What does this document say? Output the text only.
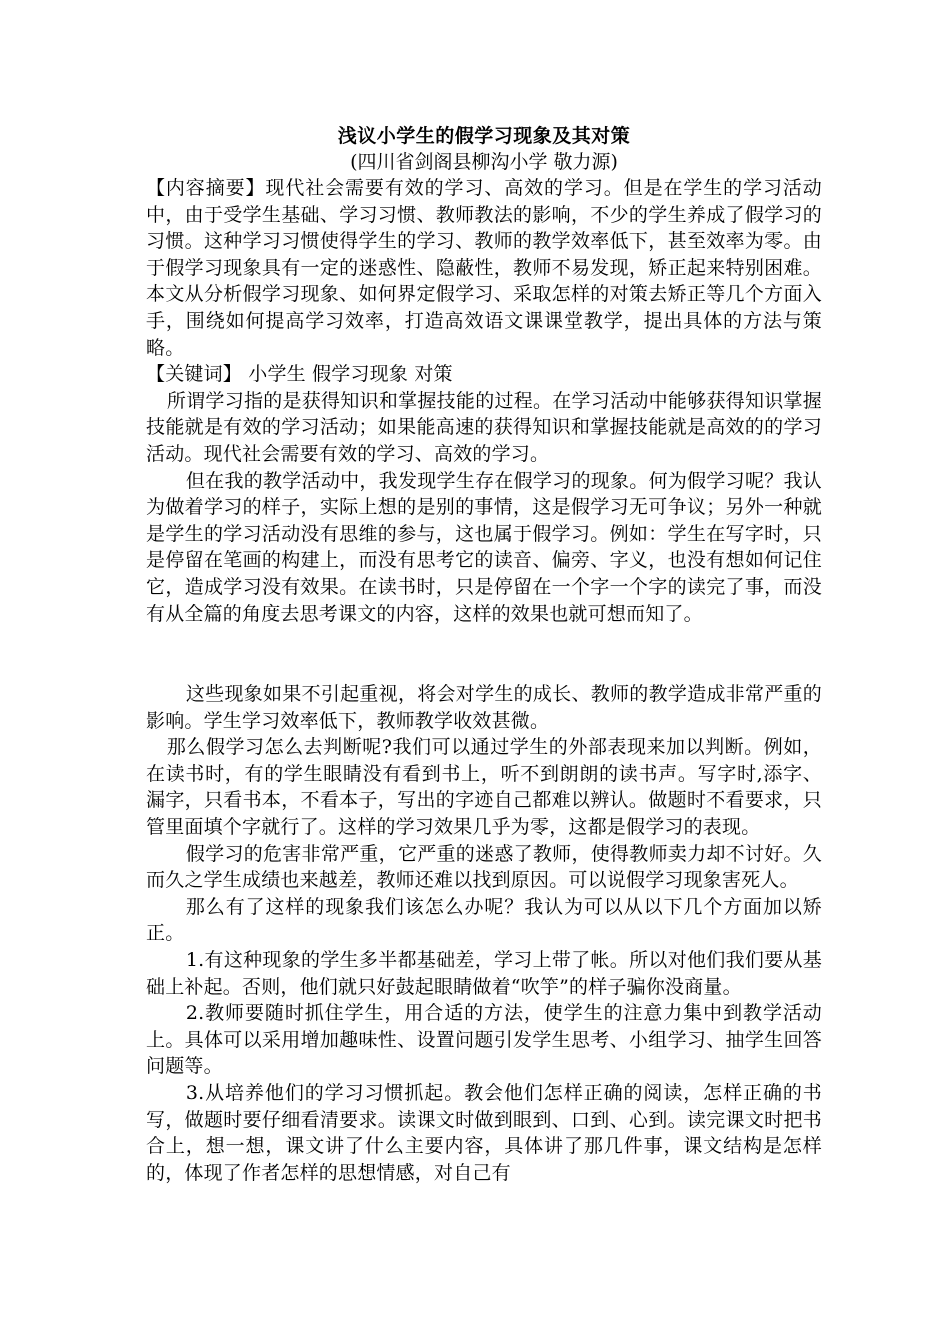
浅议小学生的假学习现象及其对策
(四川省剑阁县柳沟小学 敬力源)

【内容摘要】现代社会需要有效的学习、高效的学习。但是在学生的学习活动中，由于受学生基础、学习习惯、教师教法的影响，不少的学生养成了假学习的习惯。这种学习习惯使得学生的学习、教师的教学效率低下，甚至效率为零。由于假学习现象具有一定的迷惑性、隐蔽性，教师不易发现，矫正起来特别困难。本文从分析假学习现象、如何界定假学习、采取怎样的对策去矫正等几个方面入手，围绕如何提高学习效率，打造高效语文课课堂教学，提出具体的方法与策略。

【关键词】 小学生 假学习现象 对策

所谓学习指的是获得知识和掌握技能的过程。在学习活动中能够获得知识掌握技能就是有效的学习活动；如果能高速的获得知识和掌握技能就是高效的的学习活动。现代社会需要有效的学习、高效的学习。

但在我的教学活动中，我发现学生存在假学习的现象。何为假学习呢？我认为做着学习的样子，实际上想的是别的事情，这是假学习无可争议；另外一种就是学生的学习活动没有思维的参与，这也属于假学习。例如：学生在写字时，只是停留在笔画的构建上，而没有思考它的读音、偏旁、字义，也没有想如何记住它，造成学习没有效果。在读书时，只是停留在一个字一个字的读完了事，而没有从全篇的角度去思考课文的内容，这样的效果也就可想而知了。

这些现象如果不引起重视，将会对学生的成长、教师的教学造成非常严重的影响。学生学习效率低下，教师教学收效甚微。

那么假学习怎么去判断呢?我们可以通过学生的外部表现来加以判断。例如，在读书时，有的学生眼睛没有看到书上，听不到朗朗的读书声。写字时,添字、漏字，只看书本，不看本子，写出的字迹自己都难以辨认。做题时不看要求，只管里面填个字就行了。这样的学习效果几乎为零，这都是假学习的表现。

假学习的危害非常严重，它严重的迷惑了教师，使得教师卖力却不讨好。久而久之学生成绩也来越差，教师还难以找到原因。可以说假学习现象害死人。

那么有了这样的现象我们该怎么办呢？我认为可以从以下几个方面加以矫正。

1.有这种现象的学生多半都基础差，学习上带了帐。所以对他们我们要从基础上补起。否则，他们就只好鼓起眼睛做着“吹竽”的样子骗你没商量。

2.教师要随时抓住学生，用合适的方法，使学生的注意力集中到教学活动上。具体可以采用增加趣味性、设置问题引发学生思考、小组学习、抽学生回答问题等。

3.从培养他们的学习习惯抓起。教会他们怎样正确的阅读，怎样正确的书写，做题时要仔细看清要求。读课文时做到眼到、口到、心到。读完课文时把书合上，想一想，课文讲了什么主要内容，具体讲了那几件事，课文结构是怎样的，体现了作者怎样的思想情感，对自己有
